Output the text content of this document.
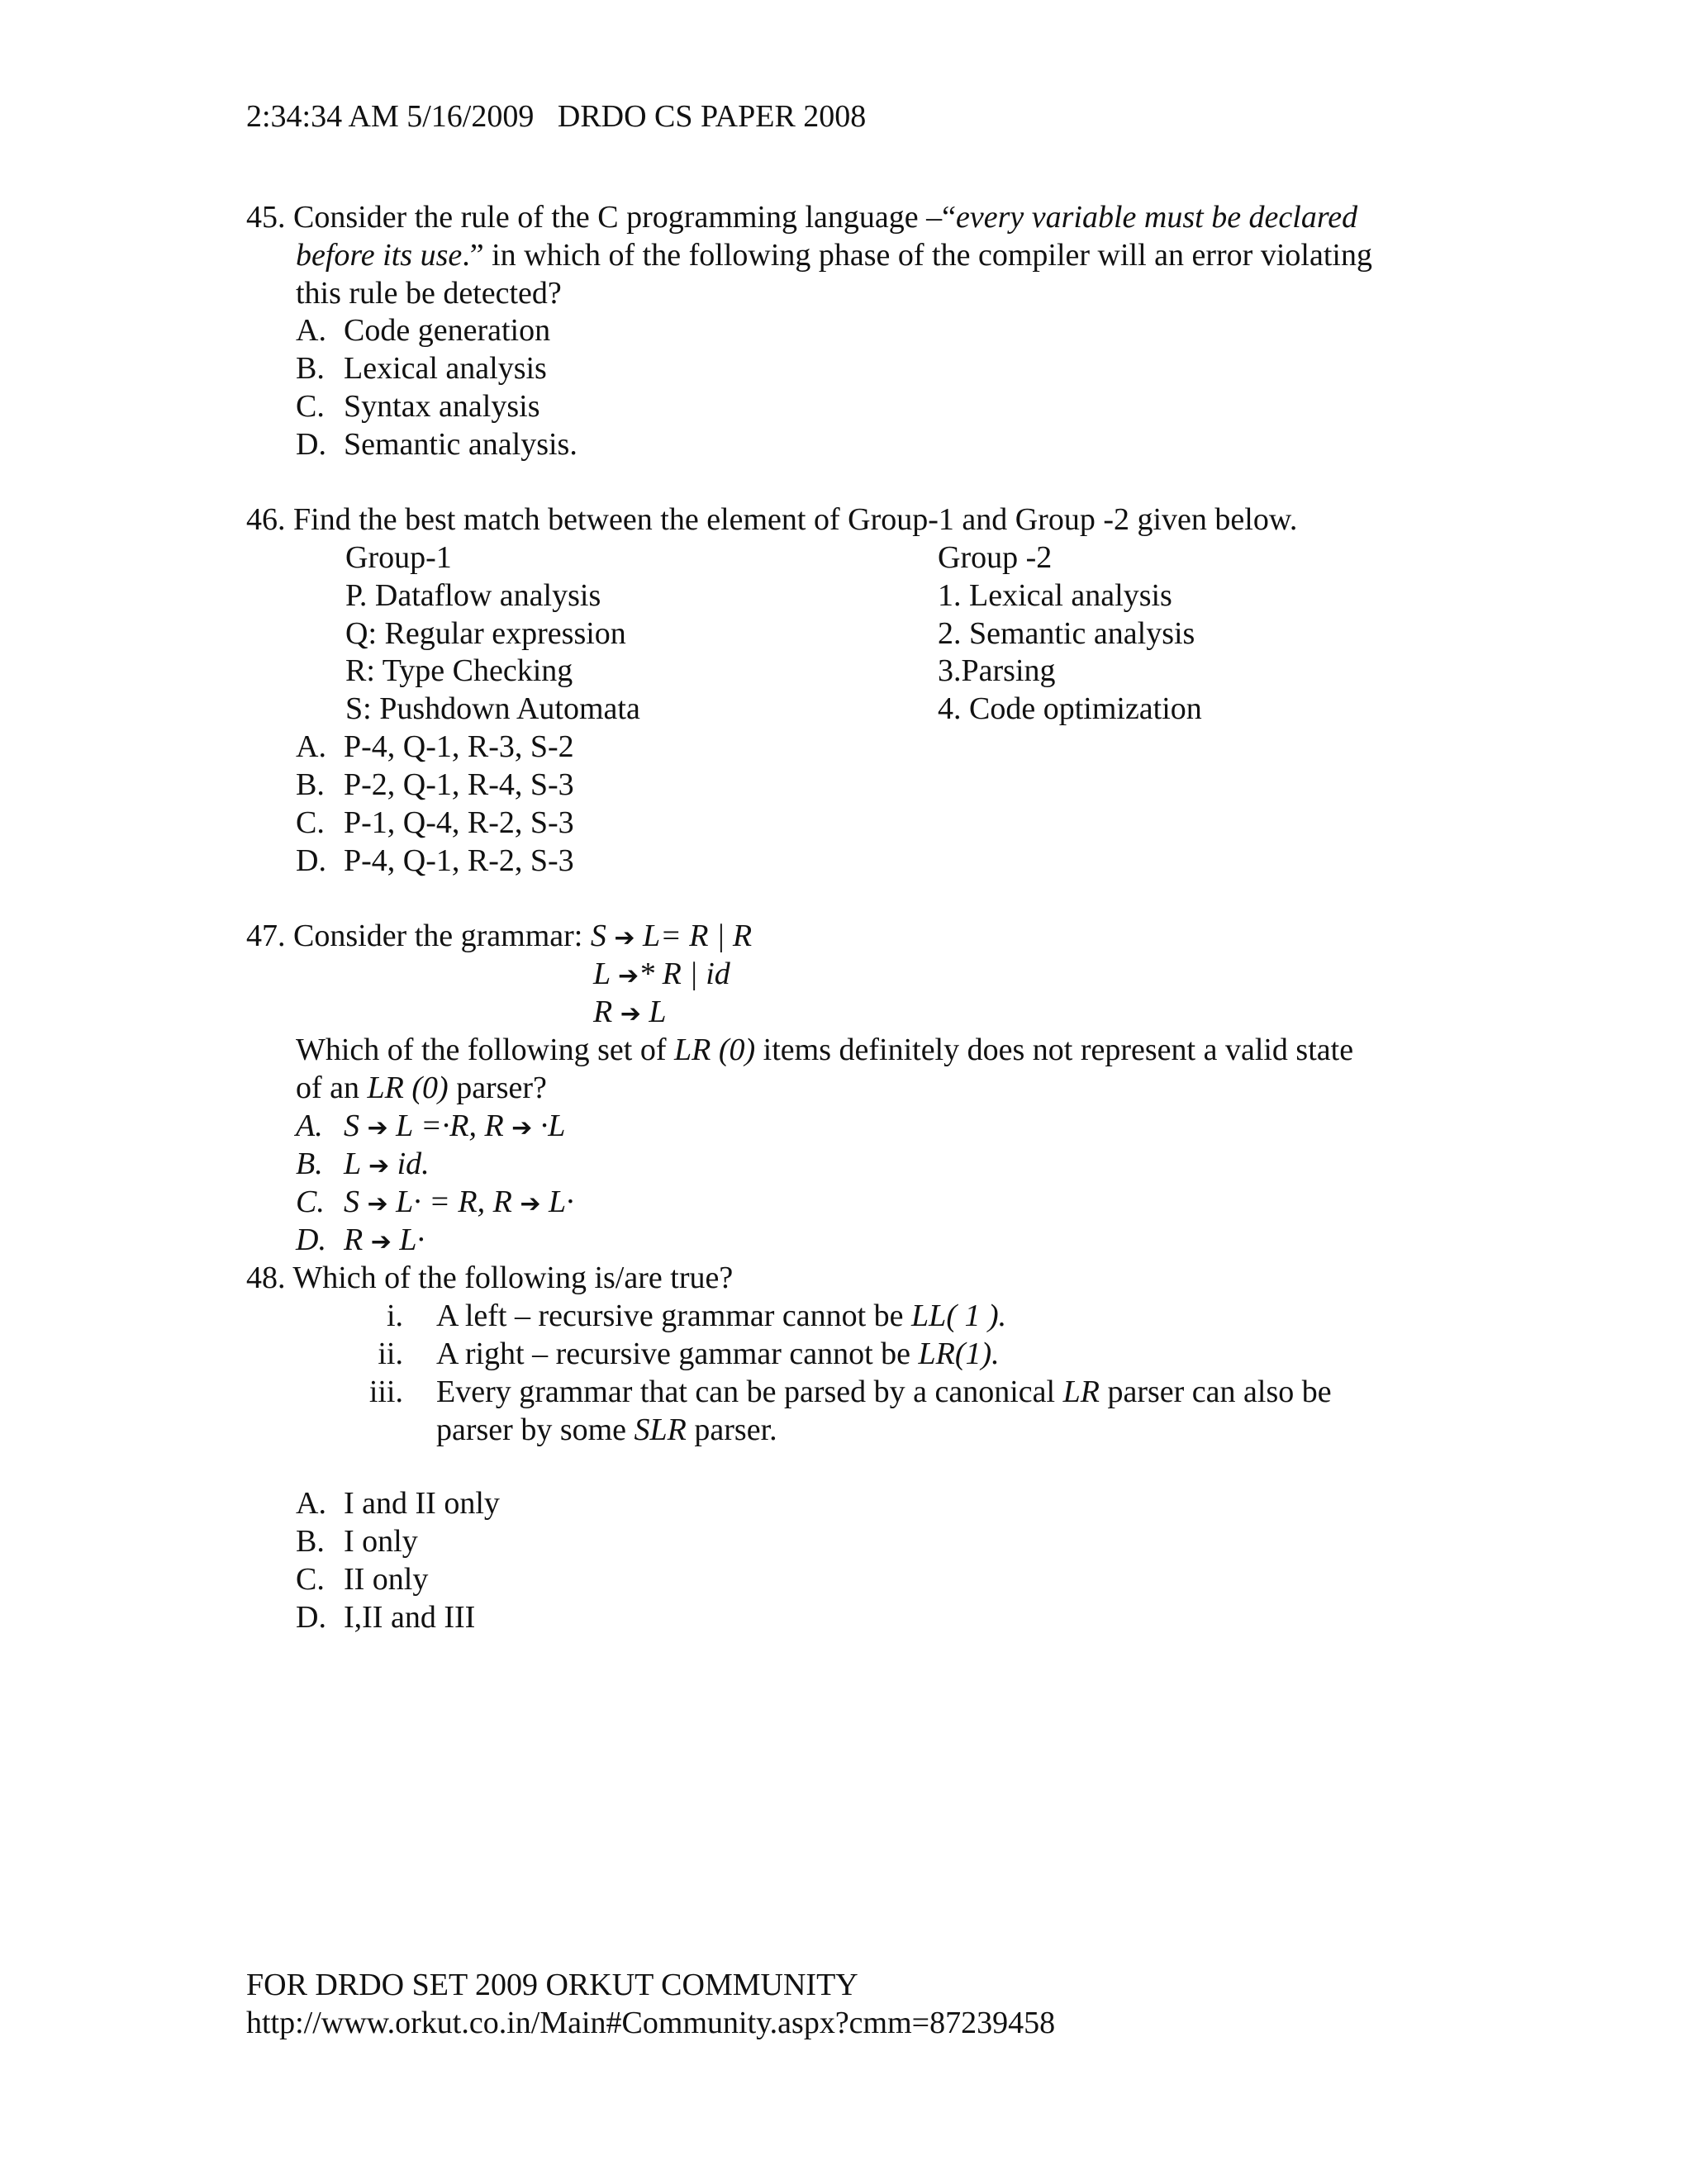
2:34:34 AM 5/16/2009 DRDO CS PAPER 2008
45. Consider the rule of the C programming language –“every variable must be declared
before its use.” in which of the following phase of the compiler will an error violating
this rule be detected?
A. Code generation
B. Lexical analysis
C. Syntax analysis
D. Semantic analysis.
46. Find the best match between the element of Group-1 and Group -2 given below.
Group-1	Group -2
P. Dataflow analysis
Q: Regular expression
R: Type Checking
S: Pushdown Automata
1. Lexical analysis
2. Semantic analysis
3.Parsing
4. Code optimization
A. P-4, Q-1, R-3, S-2
B. P-2, Q-1, R-4, S-3
C. P-1, Q-4, R-2, S-3
D. P-4, Q-1, R-2, S-3
47. Consider the grammar: S ➔ L= R | R
L ➔* R | id
R ➔ L
Which of the following set of LR (0) items definitely does not represent a valid state
of an LR (0) parser?
A. S ➔ L =·R, R ➔ ·L
B. L ➔ id.
C. S ➔ L· = R, R ➔ L·
D. R ➔ L·
48. Which of the following is/are true?
i. A left – recursive grammar cannot be LL( 1 ).
ii. A right – recursive gammar cannot be LR(1).
iii. Every grammar that can be parsed by a canonical LR parser can also be
parser by some SLR parser.
A. I and II only
B. I only
C. II only
D. I,II and III
FOR DRDO SET 2009 ORKUT COMMUNITY
http://www.orkut.co.in/Main#Community.aspx?cmm=87239458
